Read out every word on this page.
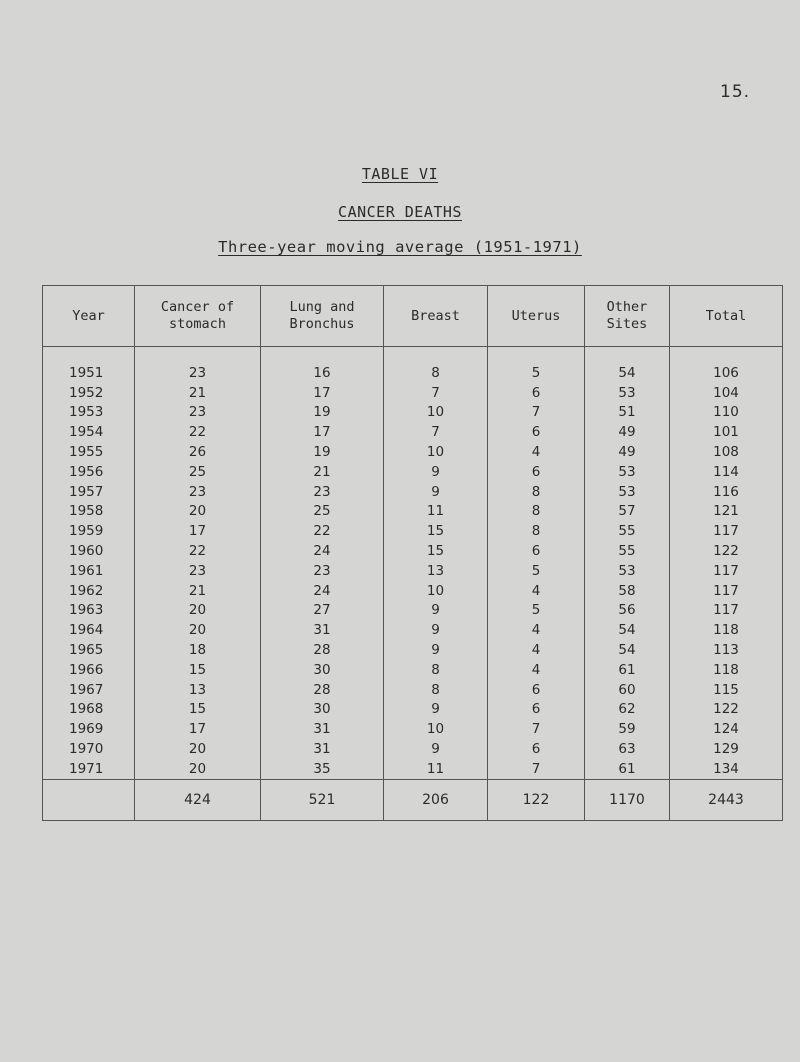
15.
TABLE VI
CANCER DEATHS
Three-year moving average (1951-1971)
Year	Cancer of stomach	Lung and Bronchus	Breast	Uterus	Other Sites	Total

1951	23	16	8	5	54	106
1952	21	17	7	6	53	104
1953	23	19	10	7	51	110
1954	22	17	7	6	49	101
1955	26	19	10	4	49	108
1956	25	21	9	6	53	114
1957	23	23	9	8	53	116
1958	20	25	11	8	57	121
1959	17	22	15	8	55	117
1960	22	24	15	6	55	122
1961	23	23	13	5	53	117
1962	21	24	10	4	58	117
1963	20	27	9	5	56	117
1964	20	31	9	4	54	118
1965	18	28	9	4	54	113
1966	15	30	8	4	61	118
1967	13	28	8	6	60	115
1968	15	30	9	6	62	122
1969	17	31	10	7	59	124
1970	20	31	9	6	63	129
1971	20	35	11	7	61	134
	424	521	206	122	1170	2443
